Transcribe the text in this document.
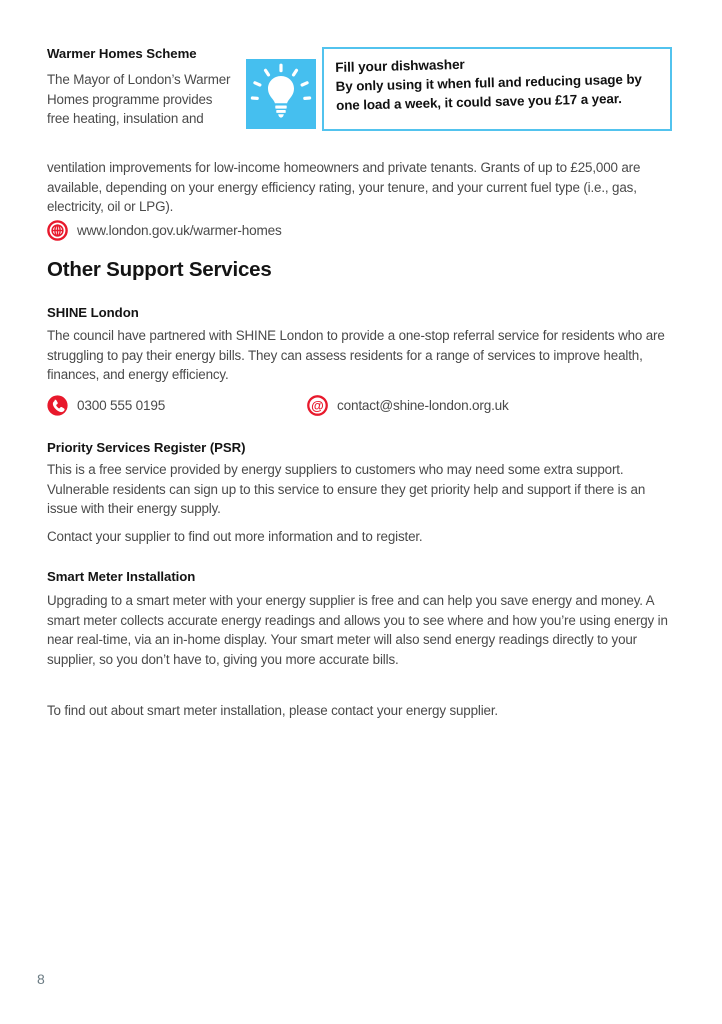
Warmer Homes Scheme
The Mayor of London’s Warmer Homes programme provides free heating, insulation and
ventilation improvements for low-income homeowners and private tenants. Grants of up to £25,000 are available, depending on your energy efficiency rating, your tenure, and your current fuel type (i.e., gas, electricity, oil or LPG).
Fill your dishwasher
By only using it when full and reducing usage by one load a week, it could save you £17 a year.
www.london.gov.uk/warmer-homes
Other Support Services
SHINE London
The council have partnered with SHINE London to provide a one-stop referral service for residents who are struggling to pay their energy bills. They can assess residents for a range of services to improve health, finances, and energy efficiency.
0300 555 0195	@ contact@shine-london.org.uk
Priority Services Register (PSR)
This is a free service provided by energy suppliers to customers who may need some extra support. Vulnerable residents can sign up to this service to ensure they get priority help and support if there is an issue with their energy supply.
Contact your supplier to find out more information and to register.
Smart Meter Installation
Upgrading to a smart meter with your energy supplier is free and can help you save energy and money. A smart meter collects accurate energy readings and allows you to see where and how you’re using energy in near real-time, via an in-home display. Your smart meter will also send energy readings directly to your supplier, so you don’t have to, giving you more accurate bills.
To find out about smart meter installation, please contact your energy supplier.
8
